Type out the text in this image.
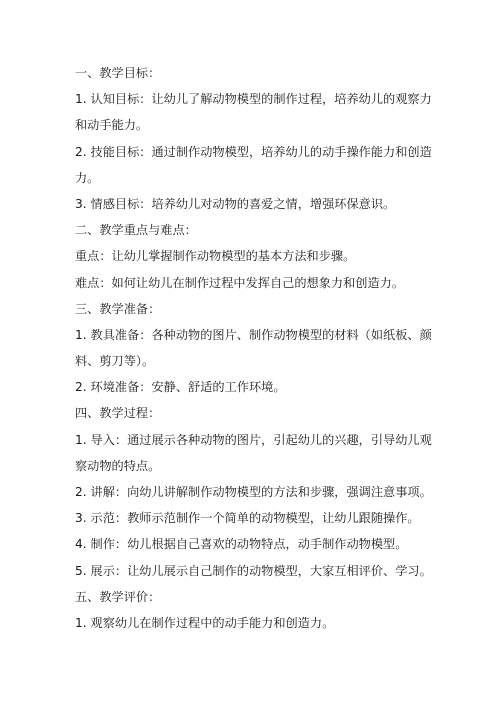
一、教学目标：
1. 认知目标：让幼儿了解动物模型的制作过程，培养幼儿的观察力
和动手能力。
2. 技能目标：通过制作动物模型，培养幼儿的动手操作能力和创造
力。
3. 情感目标：培养幼儿对动物的喜爱之情，增强环保意识。
二、教学重点与难点：
重点：让幼儿掌握制作动物模型的基本方法和步骤。
难点：如何让幼儿在制作过程中发挥自己的想象力和创造力。
三、教学准备：
1. 教具准备：各种动物的图片、制作动物模型的材料（如纸板、颜
料、剪刀等）。
2. 环境准备：安静、舒适的工作环境。
四、教学过程：
1. 导入：通过展示各种动物的图片，引起幼儿的兴趣，引导幼儿观
察动物的特点。
2. 讲解：向幼儿讲解制作动物模型的方法和步骤，强调注意事项。
3. 示范：教师示范制作一个简单的动物模型，让幼儿跟随操作。
4. 制作：幼儿根据自己喜欢的动物特点，动手制作动物模型。
5. 展示：让幼儿展示自己制作的动物模型，大家互相评价、学习。
五、教学评价：
1. 观察幼儿在制作过程中的动手能力和创造力。
